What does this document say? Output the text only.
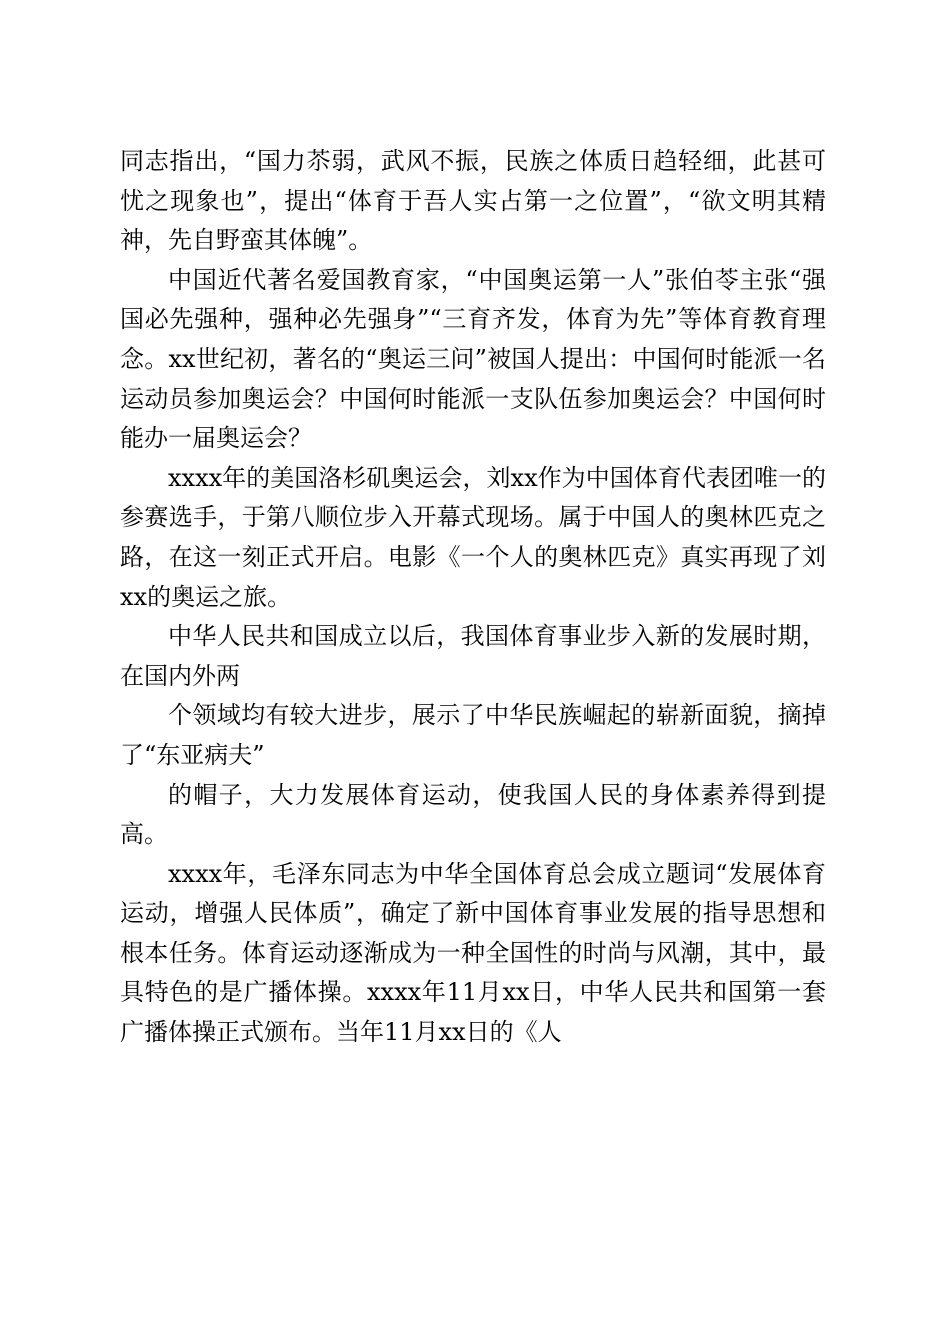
同志指出，“国力苶弱，武风不振，民族之体质日趋轻细，此甚可忧之现象也”，提出“体育于吾人实占第一之位置”，“欲文明其精神，先自野蛮其体魄”。

中国近代著名爱国教育家，“中国奥运第一人”张伯苓主张“强国必先强种，强种必先强身”“三育齐发，体育为先”等体育教育理念。xx世纪初，著名的“奥运三问”被国人提出：中国何时能派一名运动员参加奥运会？中国何时能派一支队伍参加奥运会？中国何时能办一届奥运会？

xxxx年的美国洛杉矶奥运会，刘xx作为中国体育代表团唯一的参赛选手，于第八顺位步入开幕式现场。属于中国人的奥林匹克之路，在这一刻正式开启。电影《一个人的奥林匹克》真实再现了刘xx的奥运之旅。

中华人民共和国成立以后，我国体育事业步入新的发展时期，在国内外两

个领域均有较大进步，展示了中华民族崛起的崭新面貌，摘掉了“东亚病夫”

的帽子，大力发展体育运动，使我国人民的身体素养得到提高。

xxxx年，毛泽东同志为中华全国体育总会成立题词“发展体育运动，增强人民体质”，确定了新中国体育事业发展的指导思想和根本任务。体育运动逐渐成为一种全国性的时尚与风潮，其中，最具特色的是广播体操。xxxx年11月xx日，中华人民共和国第一套广播体操正式颁布。当年11月xx日的《人
